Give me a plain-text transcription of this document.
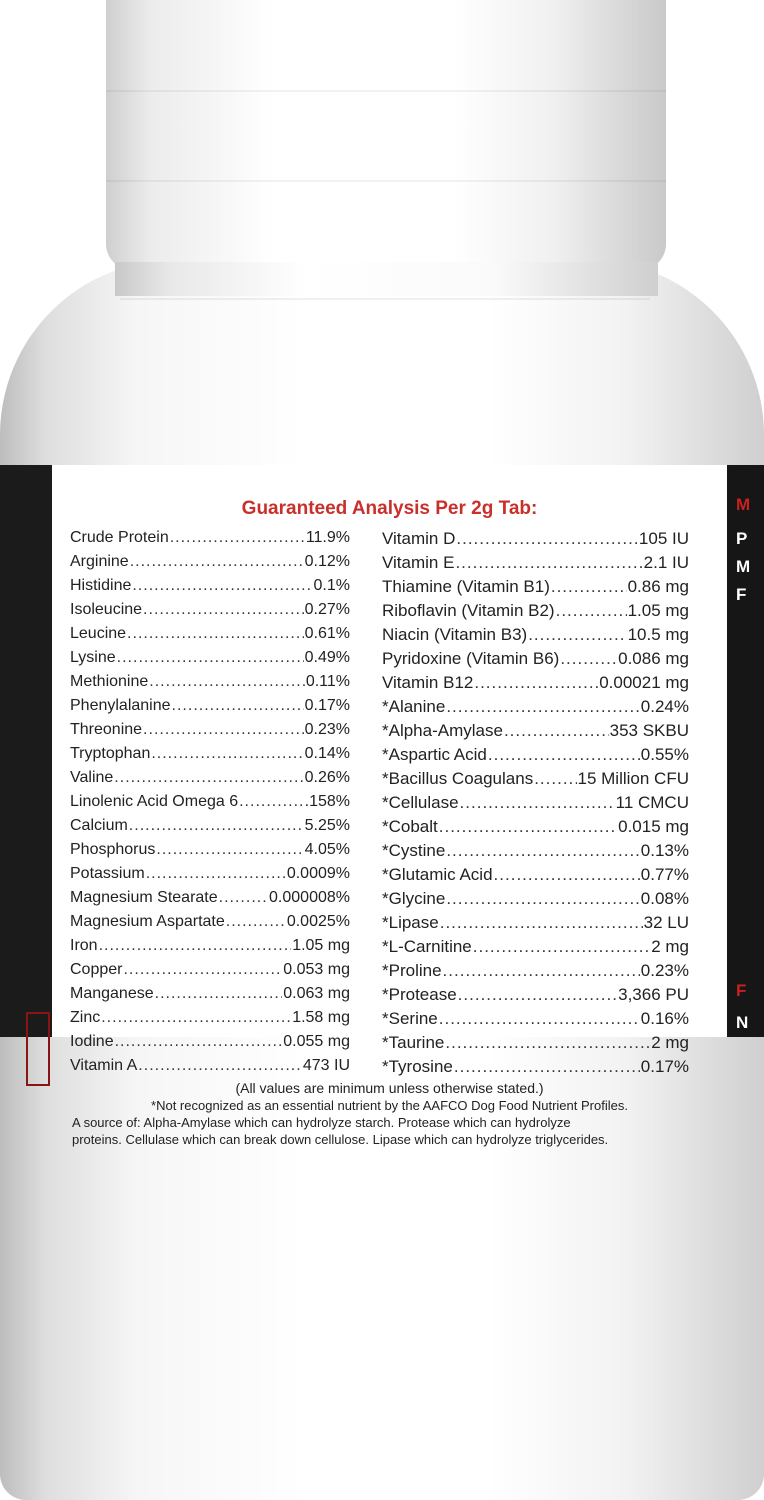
M
P
M
F
F
N
Guaranteed Analysis Per 2g Tab:
Crude Protein .....	11.9%
Arginine .....	0.12%
Histidine .....	0.1%
Isoleucine .....	0.27%
Leucine .....	0.61%
Lysine .....	0.49%
Methionine .....	0.11%
Phenylalanine .....	0.17%
Threonine .....	0.23%
Tryptophan .....	0.14%
Valine .....	0.26%
Linolenic Acid Omega 6 .....	.158%
Calcium .....	5.25%
Phosphorus .....	4.05%
Potassium .....	0.0009%
Magnesium Stearate .....	0.000008%
Magnesium Aspartate .....	0.0025%
Iron .....	1.05 mg
Copper .....	0.053 mg
Manganese .....	0.063 mg
Zinc .....	1.58 mg
Iodine .....	0.055 mg
Vitamin A .....	473 IU
Vitamin D .....	105 IU
Vitamin E .....	2.1 IU
Thiamine (Vitamin B1) .....	0.86 mg
Riboflavin (Vitamin B2) .....	1.05 mg
Niacin (Vitamin B3) .....	10.5 mg
Pyridoxine (Vitamin B6) .....	0.086 mg
Vitamin B12 .....	0.00021 mg
*Alanine .....	0.24%
*Alpha-Amylase .....	353 SKBU
*Aspartic Acid .....	0.55%
*Bacillus Coagulans .....	15 Million CFU
*Cellulase .....	11 CMCU
*Cobalt .....	0.015 mg
*Cystine .....	0.13%
*Glutamic Acid .....	0.77%
*Glycine .....	0.08%
*Lipase .....	32 LU
*L-Carnitine .....	2 mg
*Proline .....	0.23%
*Protease .....	3,366 PU
*Serine .....	0.16%
*Taurine .....	2 mg
*Tyrosine .....	0.17%
(All values are minimum unless otherwise stated.)
*Not recognized as an essential nutrient by the AAFCO Dog Food Nutrient Profiles.
A source of: Alpha-Amylase which can hydrolyze starch. Protease which can hydrolyze
proteins. Cellulase which can break down cellulose. Lipase which can hydrolyze triglycerides.
